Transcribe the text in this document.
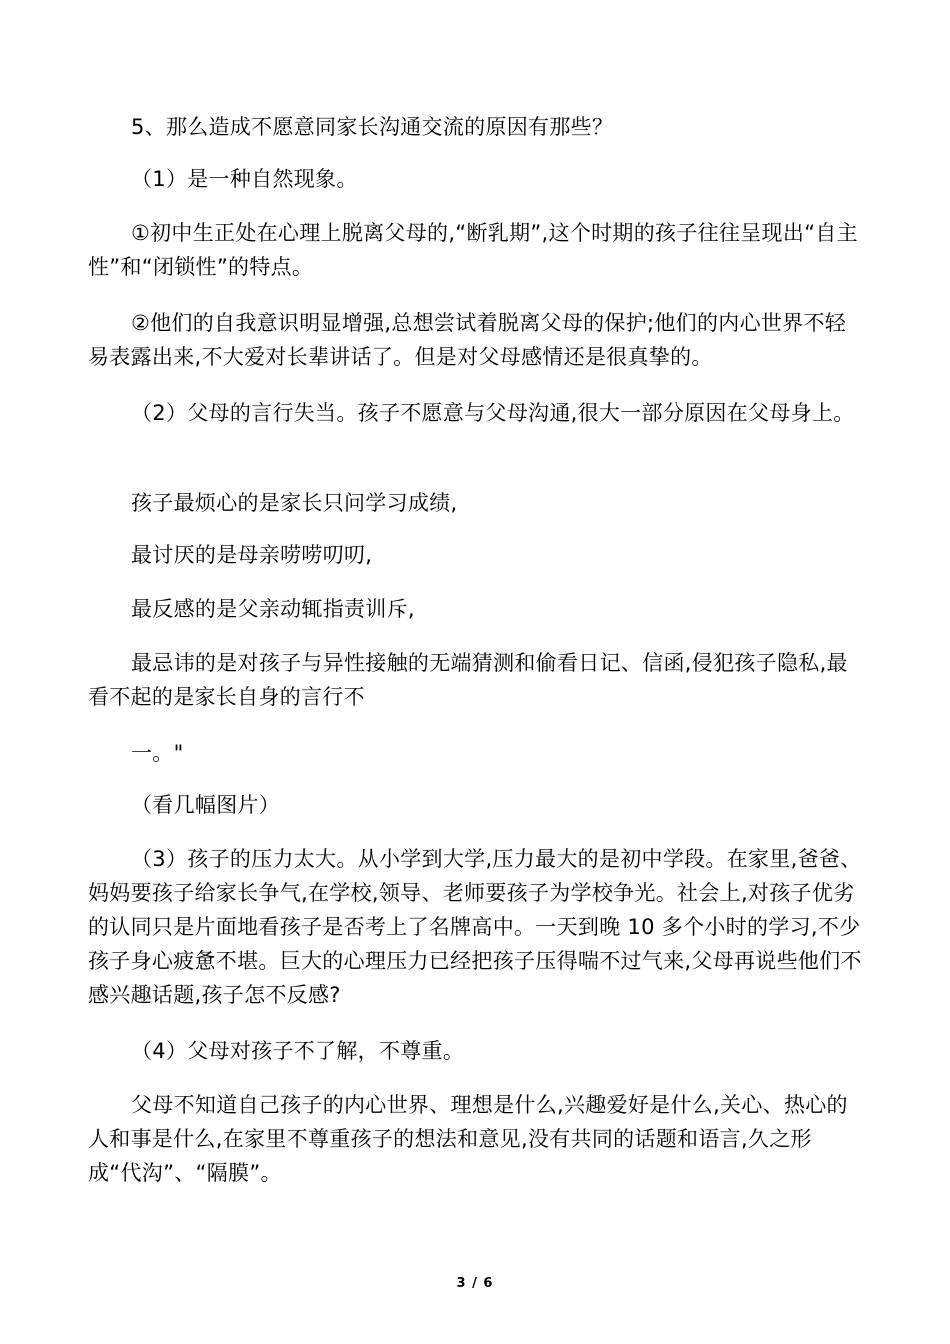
5、那么造成不愿意同家长沟通交流的原因有那些？

（1）是一种自然现象。

①初中生正处在心理上脱离父母的,“断乳期”,这个时期的孩子往往呈现出“自主性”和“闭锁性”的特点。

②他们的自我意识明显增强,总想尝试着脱离父母的保护;他们的内心世界不轻易表露出来,不大爱对长辈讲话了。但是对父母感情还是很真挚的。

（2）父母的言行失当。孩子不愿意与父母沟通,很大一部分原因在父母身上。

孩子最烦心的是家长只问学习成绩,

最讨厌的是母亲唠唠叨叨,

最反感的是父亲动辄指责训斥,

最忌讳的是对孩子与异性接触的无端猜测和偷看日记、信函,侵犯孩子隐私,最看不起的是家长自身的言行不

一。"

（看几幅图片）

（3）孩子的压力太大。从小学到大学,压力最大的是初中学段。在家里,爸爸、妈妈要孩子给家长争气,在学校,领导、老师要孩子为学校争光。社会上,对孩子优劣的认同只是片面地看孩子是否考上了名牌高中。一天到晚 10 多个小时的学习,不少孩子身心疲惫不堪。巨大的心理压力已经把孩子压得喘不过气来,父母再说些他们不感兴趣话题,孩子怎不反感?

（4）父母对孩子不了解，不尊重。

父母不知道自己孩子的内心世界、理想是什么,兴趣爱好是什么,关心、热心的人和事是什么,在家里不尊重孩子的想法和意见,没有共同的话题和语言,久之形成“代沟”、“隔膜”。

3 / 6
